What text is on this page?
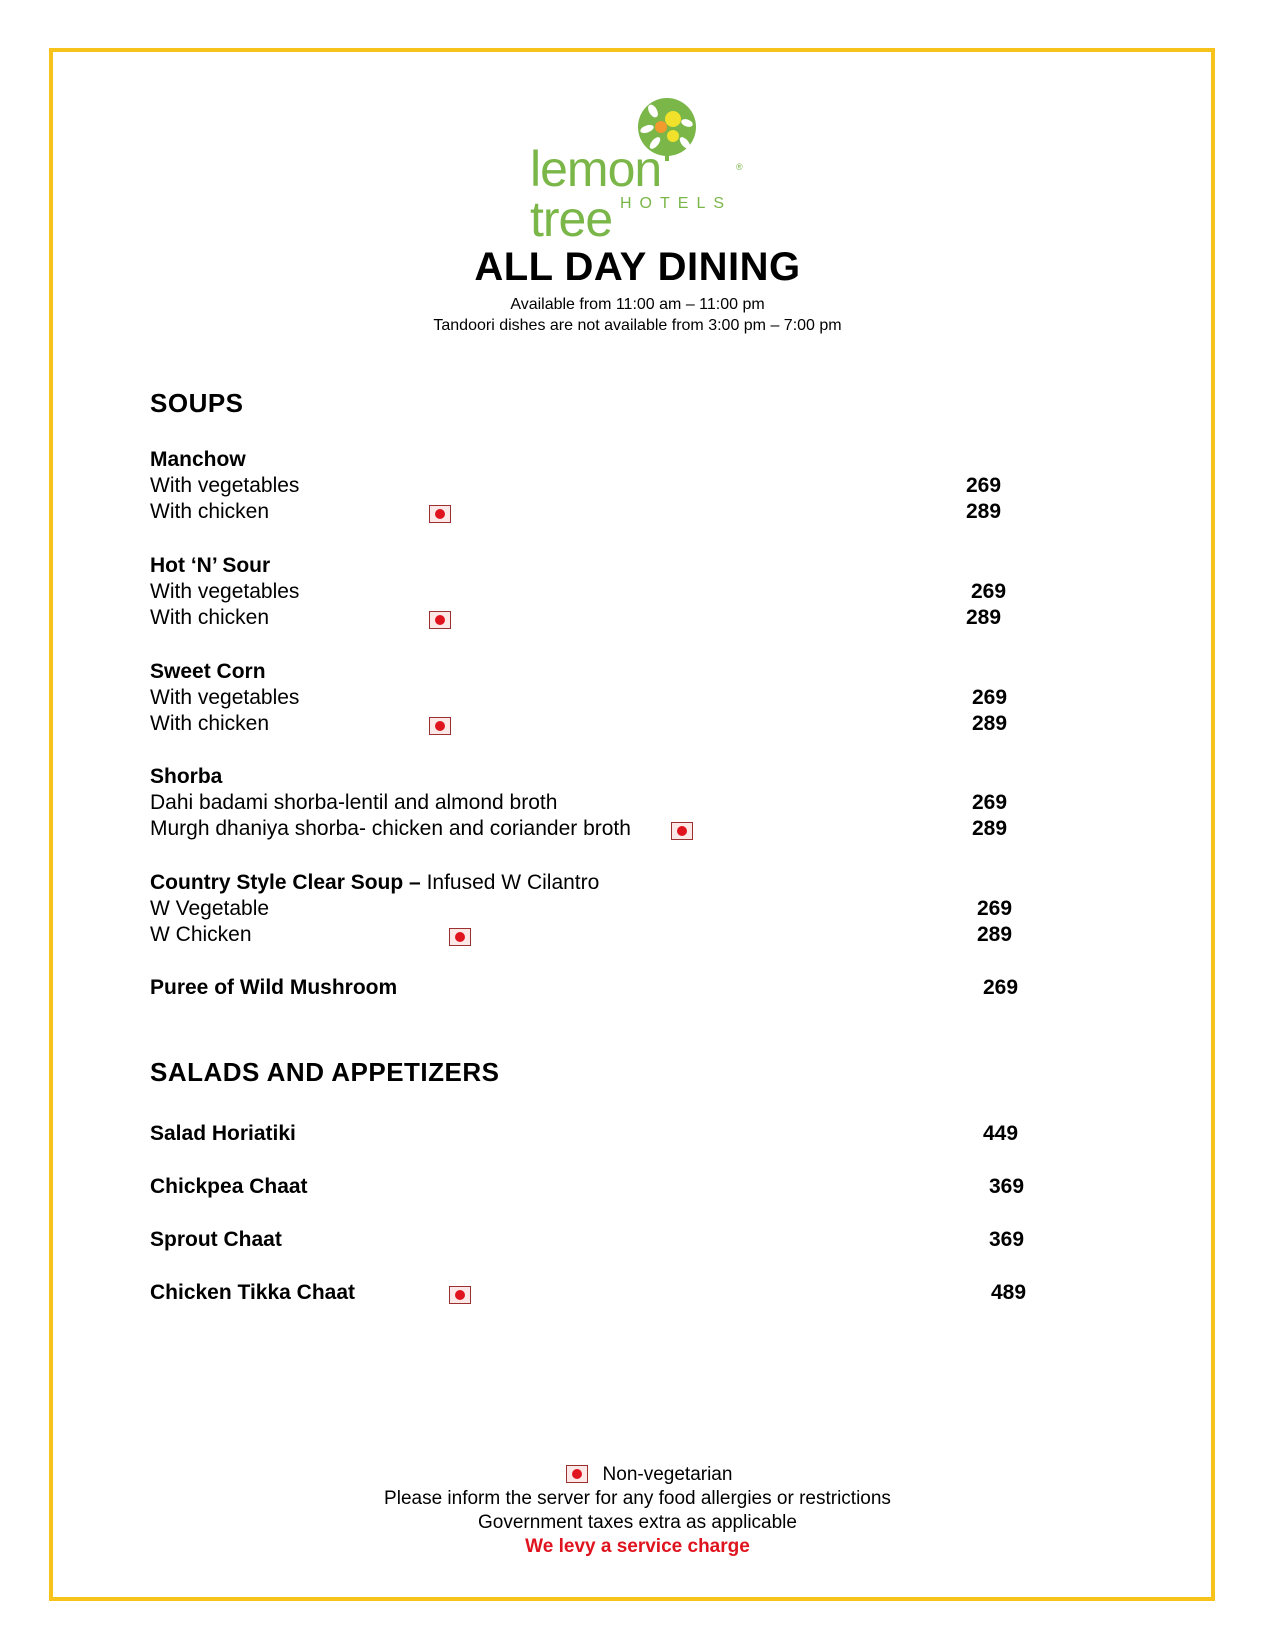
lemon tree
®
HOTELS
ALL DAY DINING
Available from 11:00 am – 11:00 pm
Tandoori dishes are not available from 3:00 pm – 7:00 pm
SOUPS
Manchow
With vegetables	269
With chicken	289
Hot ‘N’ Sour
With vegetables	269
With chicken	289
Sweet Corn
With vegetables	269
With chicken	289
Shorba
Dahi badami shorba-lentil and almond broth	269
Murgh dhaniya shorba- chicken and coriander broth	289
Country Style Clear Soup – Infused W Cilantro
W Vegetable	269
W Chicken	289
Puree of Wild Mushroom	269
SALADS AND APPETIZERS
Salad Horiatiki	449
Chickpea Chaat	369
Sprout Chaat	369
Chicken Tikka Chaat	489
Non-vegetarian
Please inform the server for any food allergies or restrictions
Government taxes extra as applicable
We levy a service charge
